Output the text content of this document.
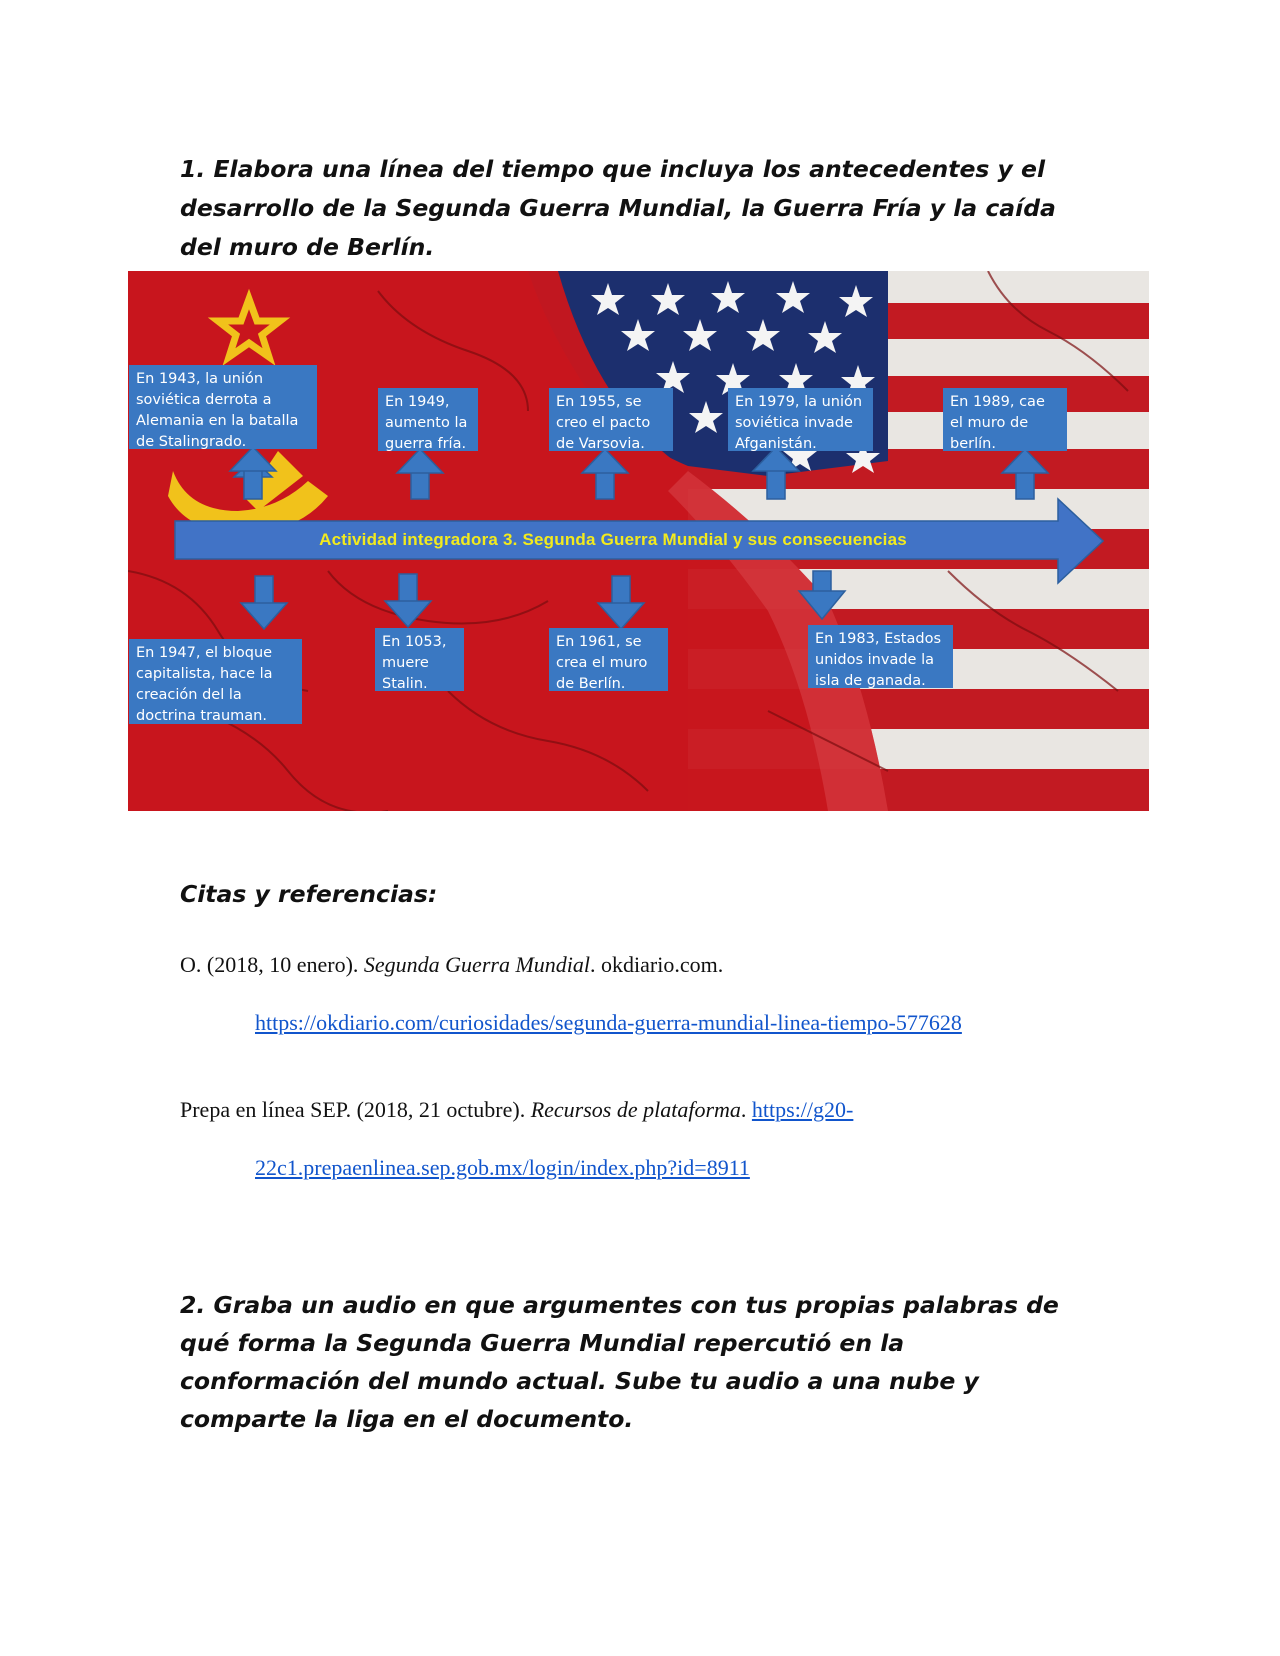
1. Elabora una línea del tiempo que incluya los antecedentes y el desarrollo de la Segunda Guerra Mundial, la Guerra Fría y la caída del muro de Berlín.

Actividad integradora 3. Segunda Guerra Mundial y sus consecuencias
En 1943, la unión soviética derrota a Alemania en la batalla de Stalingrado.
En 1949, aumento la guerra fría.
En 1955, se creo el pacto de Varsovia.
En 1979, la unión soviética invade Afganistán.
En 1989, cae el muro de berlín.
En 1947, el bloque capitalista, hace la creación del la doctrina trauman.
En 1053, muere Stalin.
En 1961, se crea el muro de Berlín.
En 1983, Estados unidos invade la isla de ganada.

Citas y referencias:

O. (2018, 10 enero). Segunda Guerra Mundial. okdiario.com.
https://okdiario.com/curiosidades/segunda-guerra-mundial-linea-tiempo-577628
Prepa en línea SEP. (2018, 21 octubre). Recursos de plataforma. https://g20-
22c1.prepaenlinea.sep.gob.mx/login/index.php?id=8911

2. Graba un audio en que argumentes con tus propias palabras de qué forma la Segunda Guerra Mundial repercutió en la conformación del mundo actual. Sube tu audio a una nube y comparte la liga en el documento.
